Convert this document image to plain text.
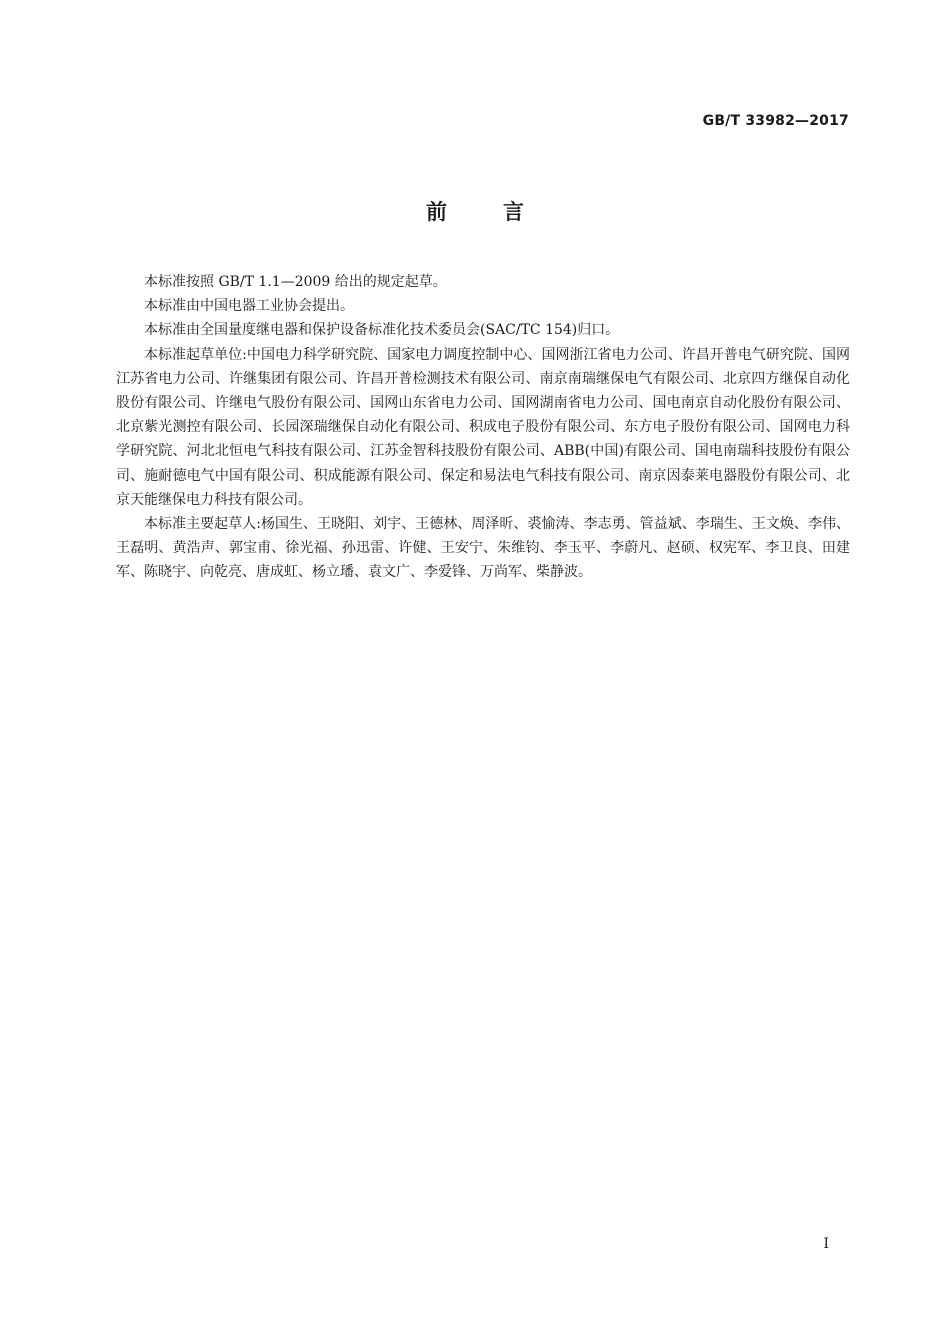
GB/T 33982—2017
前言

本标准按照 GB/T 1.1—2009 给出的规定起草。

本标准由中国电器工业协会提出。

本标准由全国量度继电器和保护设备标准化技术委员会(SAC/TC 154)归口。

本标准起草单位:中国电力科学研究院、国家电力调度控制中心、国网浙江省电力公司、许昌开普电气研究院、国网江苏省电力公司、许继集团有限公司、许昌开普检测技术有限公司、南京南瑞继保电气有限公司、北京四方继保自动化股份有限公司、许继电气股份有限公司、国网山东省电力公司、国网湖南省电力公司、国电南京自动化股份有限公司、北京紫光测控有限公司、长园深瑞继保自动化有限公司、积成电子股份有限公司、东方电子股份有限公司、国网电力科学研究院、河北北恒电气科技有限公司、江苏金智科技股份有限公司、ABB(中国)有限公司、国电南瑞科技股份有限公司、施耐德电气中国有限公司、积成能源有限公司、保定和易法电气科技有限公司、南京因泰莱电器股份有限公司、北京天能继保电力科技有限公司。

本标准主要起草人:杨国生、王晓阳、刘宇、王德林、周泽昕、裘愉涛、李志勇、管益斌、李瑞生、王文焕、李伟、王磊明、黄浩声、郭宝甫、徐光福、孙迅雷、许健、王安宁、朱维钧、李玉平、李蔚凡、赵硕、权宪军、李卫良、田建军、陈晓宇、向乾亮、唐成虹、杨立璠、袁文广、李爱锋、万尚军、柴静波。

I
